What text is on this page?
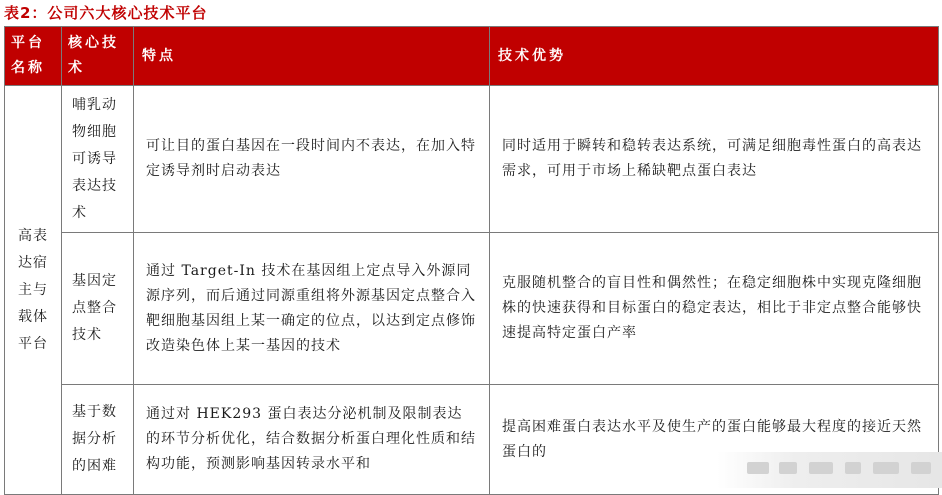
表2：公司六大核心技术平台
平台名称	核心技术	特点	技术优势
高表达宿主与载体平台	哺乳动物细胞可诱导表达技术	可让目的蛋白基因在一段时间内不表达，在加入特定诱导剂时启动表达	同时适用于瞬转和稳转表达系统，可满足细胞毒性蛋白的高表达需求，可用于市场上稀缺靶点蛋白表达
	基因定点整合技术	通过 Target-In 技术在基因组上定点导入外源同源序列，而后通过同源重组将外源基因定点整合入靶细胞基因组上某一确定的位点，以达到定点修饰改造染色体上某一基因的技术	克服随机整合的盲目性和偶然性；在稳定细胞株中实现克隆细胞株的快速获得和目标蛋白的稳定表达，相比于非定点整合能够快速提高特定蛋白产率
	基于数据分析的困难	通过对 HEK293 蛋白表达分泌机制及限制表达的环节分析优化，结合数据分析蛋白理化性质和结构功能，预测影响基因转录水平和	提高困难蛋白表达水平及使生产的蛋白能够最大程度的接近天然蛋白的
